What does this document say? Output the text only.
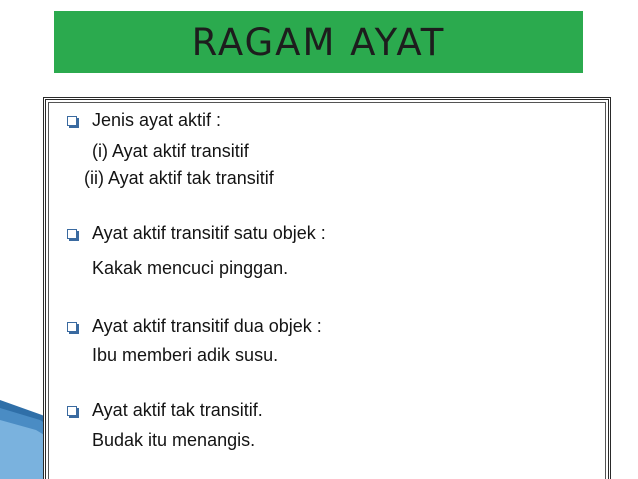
RAGAM AYAT
Jenis ayat aktif :
(i) Ayat aktif transitif
(ii) Ayat aktif tak transitif
Ayat aktif transitif satu objek :
Kakak mencuci pinggan.
Ayat aktif transitif dua objek :
Ibu memberi adik susu.
Ayat aktif tak transitif.
Budak itu menangis.
